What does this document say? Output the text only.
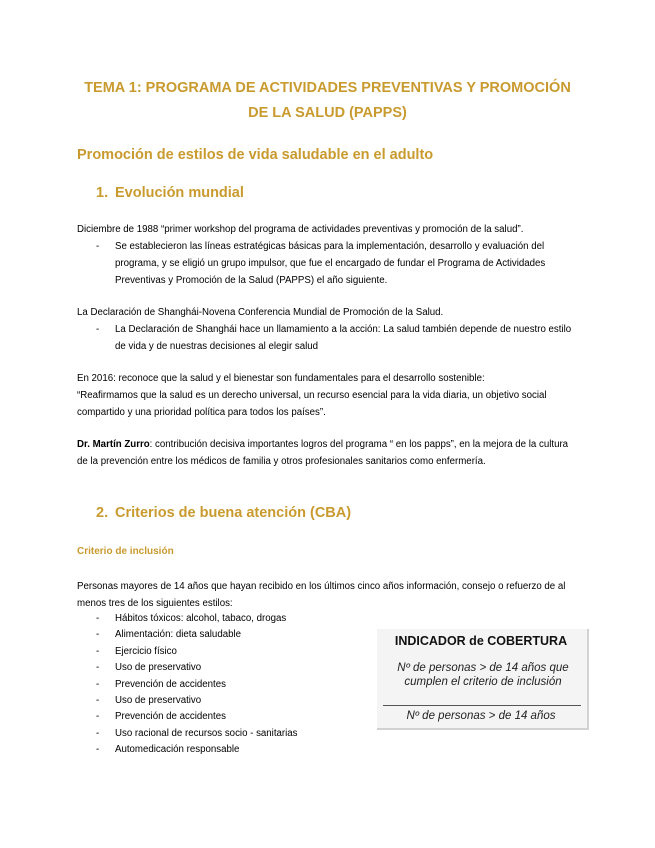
TEMA 1: PROGRAMA DE ACTIVIDADES PREVENTIVAS Y PROMOCIÓN
DE LA SALUD (PAPPS)
Promoción de estilos de vida saludable en el adulto
1. Evolución mundial
Diciembre de 1988 “primer workshop del programa de actividades preventivas y promoción de la salud”.
- Se establecieron las líneas estratégicas básicas para la implementación, desarrollo y evaluación del programa, y se eligió un grupo impulsor, que fue el encargado de fundar el Programa de Actividades Preventivas y Promoción de la Salud (PAPPS) el año siguiente.
La Declaración de Shanghái-Novena Conferencia Mundial de Promoción de la Salud.
- La Declaración de Shanghái hace un llamamiento a la acción: La salud también depende de nuestro estilo de vida y de nuestras decisiones al elegir salud
En 2016: reconoce que la salud y el bienestar son fundamentales para el desarrollo sostenible:
“Reafirmamos que la salud es un derecho universal, un recurso esencial para la vida diaria, un objetivo social compartido y una prioridad política para todos los países”.
Dr. Martín Zurro: contribución decisiva importantes logros del programa “ en los papps”, en la mejora de la cultura de la prevención entre los médicos de familia y otros profesionales sanitarios como enfermería.
2. Criterios de buena atención (CBA)
Criterio de inclusión
Personas mayores de 14 años que hayan recibido en los últimos cinco años información, consejo o refuerzo de al menos tres de los siguientes estilos:
- Hábitos tóxicos: alcohol, tabaco, drogas
- Alimentación: dieta saludable
- Ejercicio físico
- Uso de preservativo
- Prevención de accidentes
- Uso de preservativo
- Prevención de accidentes
- Uso racional de recursos socio - sanitarias
- Automedicación responsable
INDICADOR de COBERTURA
Nº de personas > de 14 años que cumplen el criterio de inclusión
Nº de personas > de 14 años
